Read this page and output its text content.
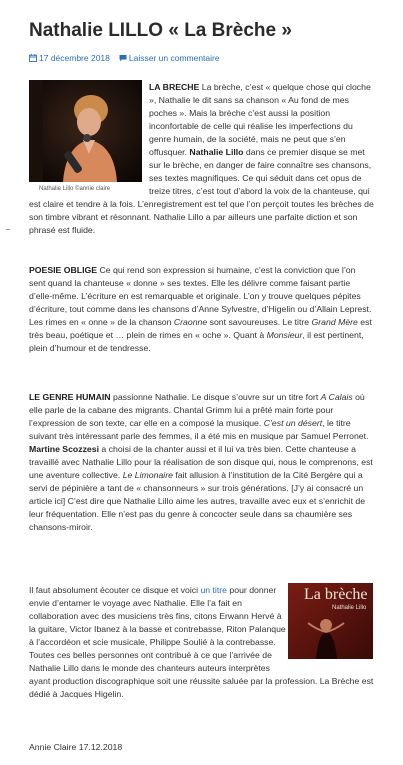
Nathalie LILLO « La Brèche »
17 décembre 2018 Laisser un commentaire
Nathalie Lillo ©annie claire

LA BRECHE La brèche, c’est « quelque chose qui cloche », Nathalie le dit sans sa chanson « Au fond de mes poches ». Mais la brèche c’est aussi la position inconfortable de celle qui réalise les imperfections du genre humain, de la société, mais ne peut que s’en offusquer. Nathalie Lillo dans ce premier disque se met sur le brèche, en danger de faire connaître ses chansons, ses textes magnifiques. Ce qui séduit dans cet opus de treize titres, c’est tout d’abord la voix de la chanteuse, qui est claire et tendre à la fois. L’enregistrement est tel que l’on perçoit toutes les brèches de son timbre vibrant et résonnant. Nathalie Lillo a par ailleurs une parfaite diction et son phrasé est fluide.

POESIE OBLIGE Ce qui rend son expression si humaine, c’est la conviction que l’on sent quand la chanteuse « donne » ses textes. Elle les délivre comme faisant partie d’elle-même. L’écriture en est remarquable et originale. L’on y trouve quelques pépites d’écriture, tout comme dans les chansons d’Anne Sylvestre, d’Higelin ou d’Allain Leprest. Les rimes en « onne » de la chanson Craonne sont savoureuses. Le titre Grand Mère est très beau, poétique et … plein de rimes en « oche ». Quant à Monsieur, il est pertinent, plein d’humour et de tendresse.

LE GENRE HUMAIN passionne Nathalie. Le disque s’ouvre sur un titre fort A Calais où elle parle de la cabane des migrants. Chantal Grimm lui a prêté main forte pour l’expression de son texte, car elle en a composé la musique. C’est un désert, le titre suivant très intéressant parle des femmes, il a été mis en musique par Samuel Perronet. Martine Scozzesi a choisi de la chanter aussi et il lui va très bien. Cette chanteuse a travaillé avec Nathalie Lillo pour la réalisation de son disque qui, nous le comprenons, est une aventure collective. Le Limonaire fait allusion à l’institution de la Cité Bergère qui a servi de pépinière a tant de « chansonneurs » sur trois générations. [J’y ai consacré un article ici] C’est dire que Nathalie Lillo aime les autres, travaille avec eux et s’enrichit de leur fréquentation. Elle n’est pas du genre à concocter seule dans sa chaumière ses chansons-miroir.

La brèche
Nathalie Lillo

Il faut absolument écouter ce disque et voici un titre pour donner envie d’entamer le voyage avec Nathalie. Elle l’a fait en collaboration avec des musiciens très fins, citons Erwann Hervé à la guitare, Victor Ibanez à la basse et contrebasse, Riton Palanque à l’accordéon et scie musicale, Philippe Soulié à la contrebasse. Toutes ces belles personnes ont contribué à ce que l’arrivée de Nathalie Lillo dans le monde des chanteurs auteurs interprètes ayant production discographique soit une réussite saluée par la profession. La Brèche est dédié à Jacques Higelin.

Annie Claire 17.12.2018
